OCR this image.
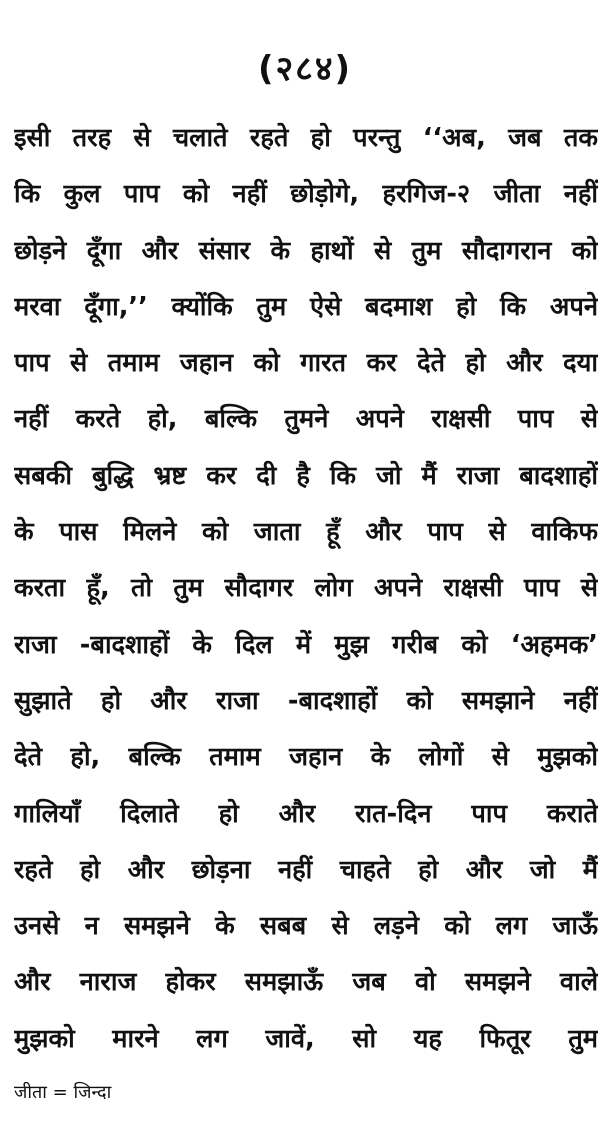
(२८४)
इसी तरह से चलाते रहते हो परन्तु ‘‘अब, जब तक
कि कुल पाप को नहीं छोड़ोगे, हरगिज-२ जीता नहीं
छोड़ने दूँगा और संसार के हाथों से तुम सौदागरान को
मरवा दूँगा,’’ क्योंकि तुम ऐसे बदमाश हो कि अपने
पाप से तमाम जहान को गारत कर देते हो और दया
नहीं करते हो, बल्कि तुमने अपने राक्षसी पाप से
सबकी बुद्धि भ्रष्ट कर दी है कि जो मैं राजा बादशाहों
के पास मिलने को जाता हूँ और पाप से वाकिफ
करता हूँ, तो तुम सौदागर लोग अपने राक्षसी पाप से
राजा -बादशाहों के दिल में मुझ गरीब को ‘अहमक’
सुझाते हो और राजा -बादशाहों को समझाने नहीं
देते हो, बल्कि तमाम जहान के लोगों से मुझको
गालियाँ दिलाते हो और रात-दिन पाप कराते
रहते हो और छोड़ना नहीं चाहते हो और जो मैं
उनसे न समझने के सबब से लड़ने को लग जाऊँ
और नाराज होकर समझाऊँ जब वो समझने वाले
मुझको मारने लग जावें, सो यह फितूर तुम
जीता = जिन्दा
